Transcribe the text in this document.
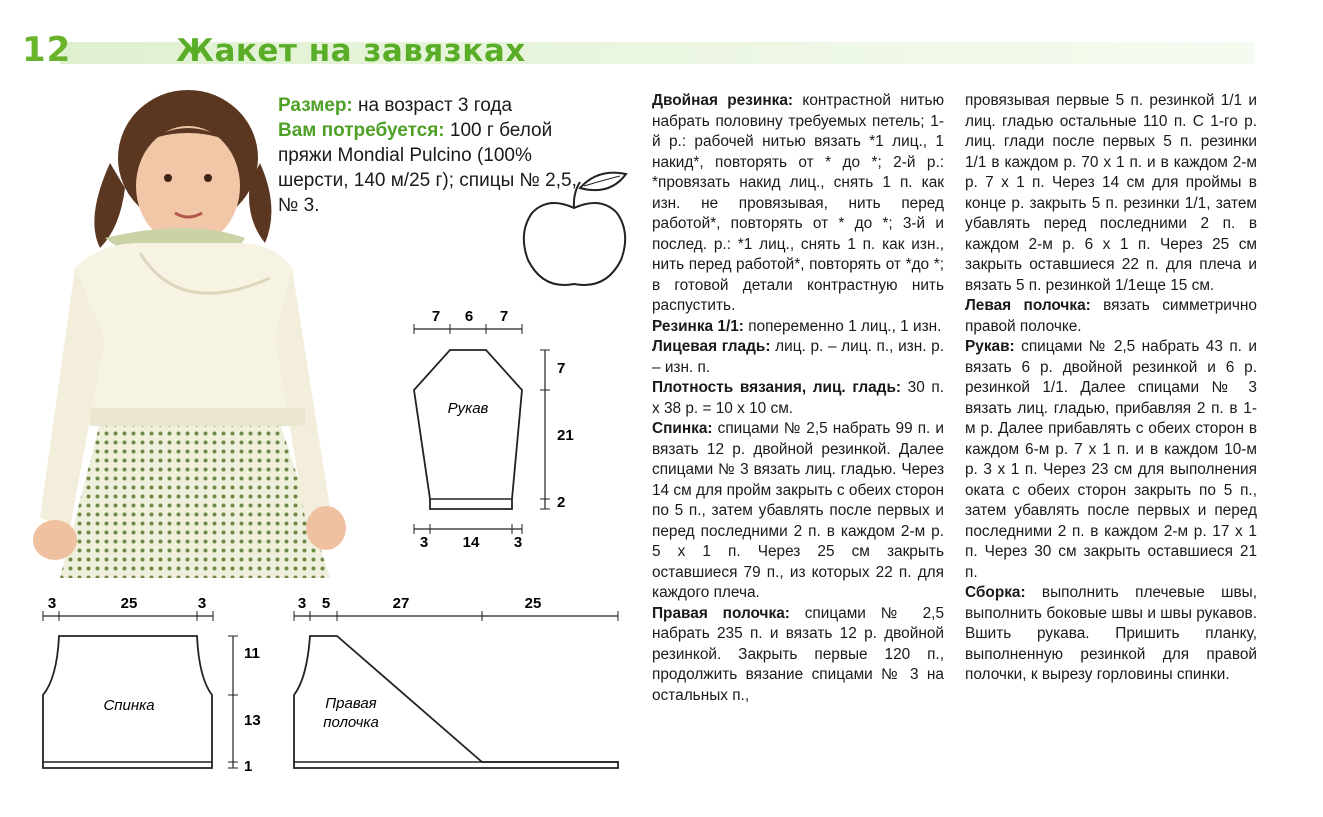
12	Жакет на завязках
Размер: на возраст 3 года
Вам потребуется: 100 г белой пряжи Mondial Pulcino (100% шерсти, 140 м/25 г); спицы № 2,5, № 3.
7 6 7
Рукав
7
21
2
3 14 3
3	25	3
Спинка
11
13
1
3 5	27	25
Правая
полочка

Двойная резинка: контрастной нитью набрать половину требуемых петель; 1-й р.: рабочей нитью вязать *1 лиц., 1 накид*, повторять от * до *; 2-й р.: *провязать накид лиц., снять 1 п. как изн. не провязывая, нить перед работой*, повторять от * до *; 3-й и послед. р.: *1 лиц., снять 1 п. как изн., нить перед работой*, повторять от *до *; в готовой детали контрастную нить распустить.

Резинка 1/1: попеременно 1 лиц., 1 изн.

Лицевая гладь: лиц. р. – лиц. п., изн. р. – изн. п.

Плотность вязания, лиц. гладь: 30 п. х 38 р. = 10 х 10 см.

Спинка: спицами № 2,5 набрать 99 п. и вязать 12 р. двойной резинкой. Далее спицами № 3 вязать лиц. гладью. Через 14 см для пройм закрыть с обеих сторон по 5 п., затем убавлять после первых и перед последними 2 п. в каждом 2-м р. 5 х 1 п. Через 25 см закрыть оставшиеся 79 п., из которых 22 п. для каждого плеча.

Правая полочка: спицами № 2,5 набрать 235 п. и вязать 12 р. двойной резинкой. Закрыть первые 120 п., продолжить вязание спицами № 3 на остальных п.,

провязывая первые 5 п. резинкой 1/1 и лиц. гладью остальные 110 п. С 1-го р. лиц. глади после первых 5 п. резинки 1/1 в каждом р. 70 х 1 п. и в каждом 2-м р. 7 х 1 п. Через 14 см для проймы в конце р. закрыть 5 п. резинки 1/1, затем убавлять перед последними 2 п. в каждом 2-м р. 6 х 1 п. Через 25 см закрыть оставшиеся 22 п. для плеча и вязать 5 п. резинкой 1/1еще 15 см.

Левая полочка: вязать симметрично правой полочке.

Рукав: спицами № 2,5 набрать 43 п. и вязать 6 р. двойной резинкой и 6 р. резинкой 1/1. Далее спицами № 3 вязать лиц. гладью, прибавляя 2 п. в 1-м р. Далее прибавлять с обеих сторон в каждом 6-м р. 7 х 1 п. и в каждом 10-м р. 3 х 1 п. Через 23 см для выполнения оката с обеих сторон закрыть по 5 п., затем убавлять после первых и перед последними 2 п. в каждом 2-м р. 17 х 1 п. Через 30 см закрыть оставшиеся 21 п.

Сборка: выполнить плечевые швы, выполнить боковые швы и швы рукавов. Вшить рукава. Пришить планку, выполненную резинкой для правой полочки, к вырезу горловины спинки.
